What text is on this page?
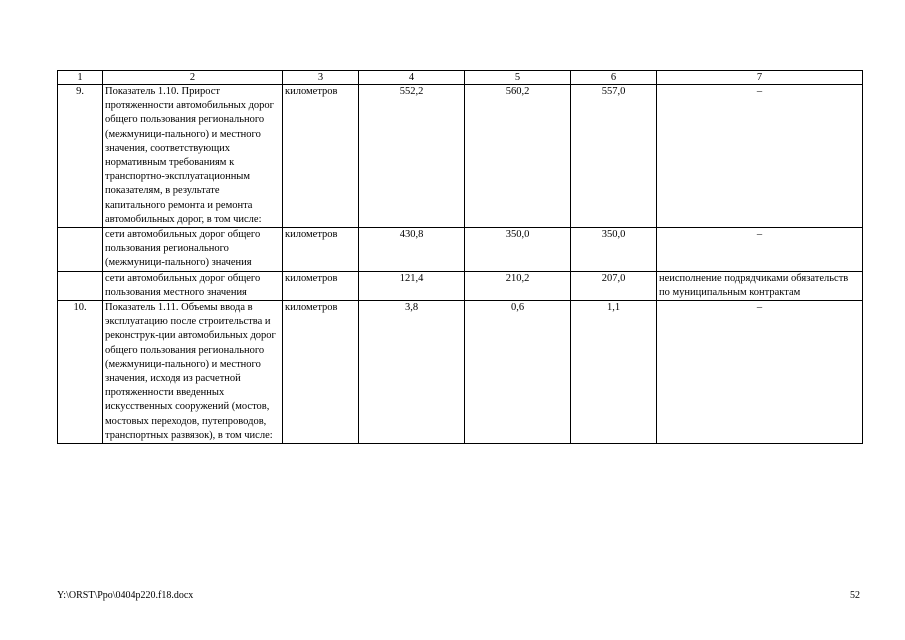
1	2	3	4	5	6	7
9.	Показатель 1.10. Прирост протяженности автомобильных дорог общего пользования регионального (межмуници-пального) и местного значения, соответствующих нормативным требованиям к транспортно-эксплуатационным показателям, в результате капитального ремонта и ремонта автомобильных дорог, в том числе:	километров	552,2	560,2	557,0	–
	сети автомобильных дорог общего пользования регионального (межмуници-пального) значения	километров	430,8	350,0	350,0	–
	сети автомобильных дорог общего пользования местного значения	километров	121,4	210,2	207,0	неисполнение подрядчиками обязательств по муниципальным контрактам
10.	Показатель 1.11. Объемы ввода в эксплуатацию после строительства и реконструк-ции автомобильных дорог общего пользования регионального (межмуници-пального) и местного значения, исходя из расчетной протяженности введенных искусственных сооружений (мостов, мостовых переходов, путепроводов, транспортных развязок), в том числе:	километров	3,8	0,6	1,1	–
Y:\ORST\Ppo\0404p220.f18.docx	52
